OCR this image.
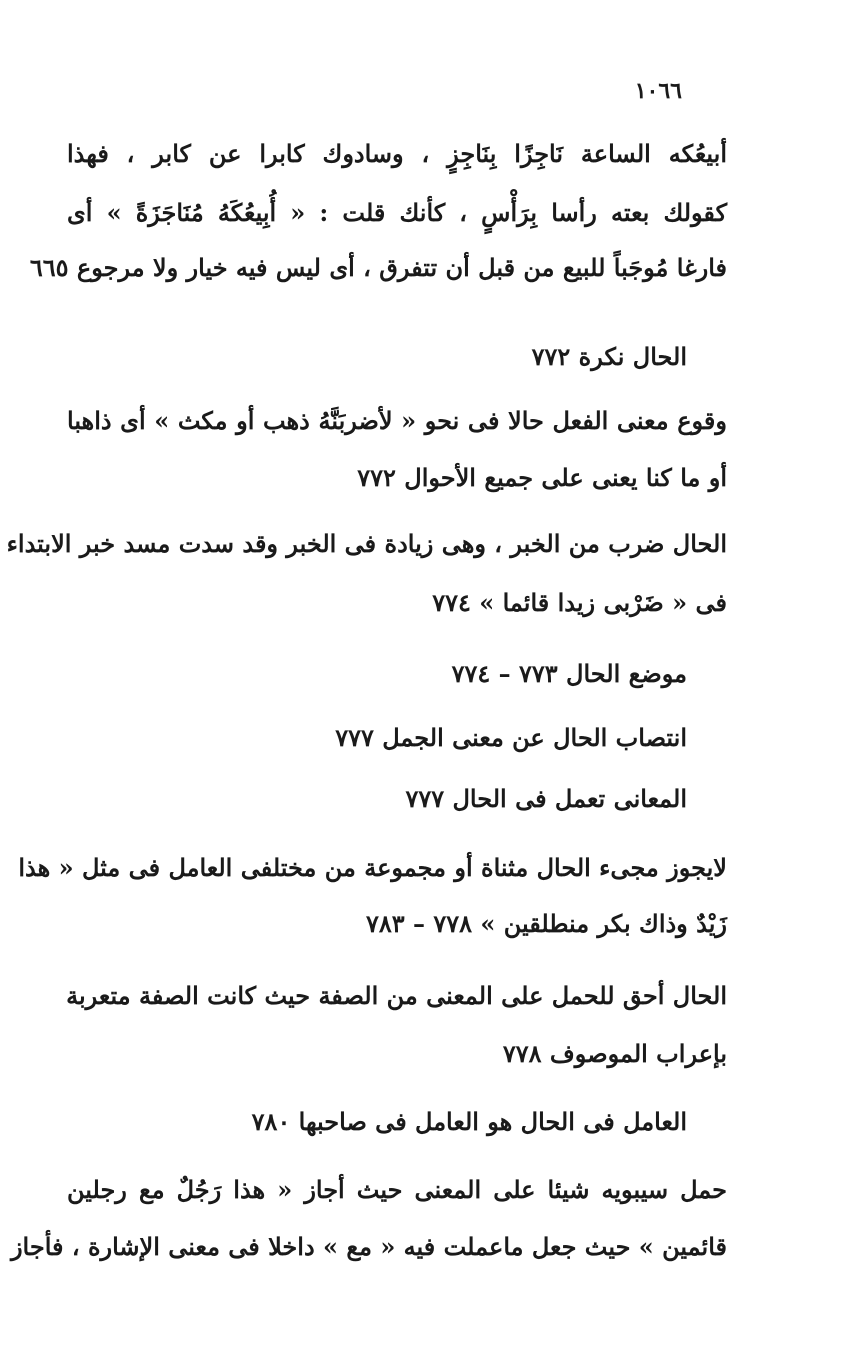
١٠٦٦
أبيعُكه الساعة نَاجِزًا بِنَاجِزٍ ، وسادوك كابرا عن كابر ، فهذا
كقولك بعته رأسا بِرَأْسٍ ، كأنك قلت : « أُبِيعُكَهُ مُنَاجَزَةً » أى
فارغا مُوجَباً للبيع من قبل أن تتفرق ، أى ليس فيه خيار ولا مرجوع ٦٦٥
الحال نكرة ٧٧٢
وقوع معنى الفعل حالا فى نحو « لأضربَنَّهُ ذهب أو مكث » أى ذاهبا
أو ما كنا يعنى على جميع الأحوال ٧٧٢
الحال ضرب من الخبر ، وهى زيادة فى الخبر وقد سدت مسد خبر الابتداء
فى « ضَرْبى زيدا قائما » ٧٧٤
موضع الحال ٧٧٣ – ٧٧٤
انتصاب الحال عن معنى الجمل ٧٧٧
المعانى تعمل فى الحال ٧٧٧
لايجوز مجىء الحال مثناة أو مجموعة من مختلفى العامل فى مثل « هذا
زَيْدٌ وذاك بكر منطلقين » ٧٧٨ – ٧٨٣
الحال أحق للحمل على المعنى من الصفة حيث كانت الصفة متعربة
بإعراب الموصوف ٧٧٨
العامل فى الحال هو العامل فى صاحبها ٧٨٠
حمل سيبويه شيئا على المعنى حيث أجاز « هذا رَجُلٌ مع رجلين
قائمين » حيث جعل ماعملت فيه « مع » داخلا فى معنى الإشارة ، فأجاز
